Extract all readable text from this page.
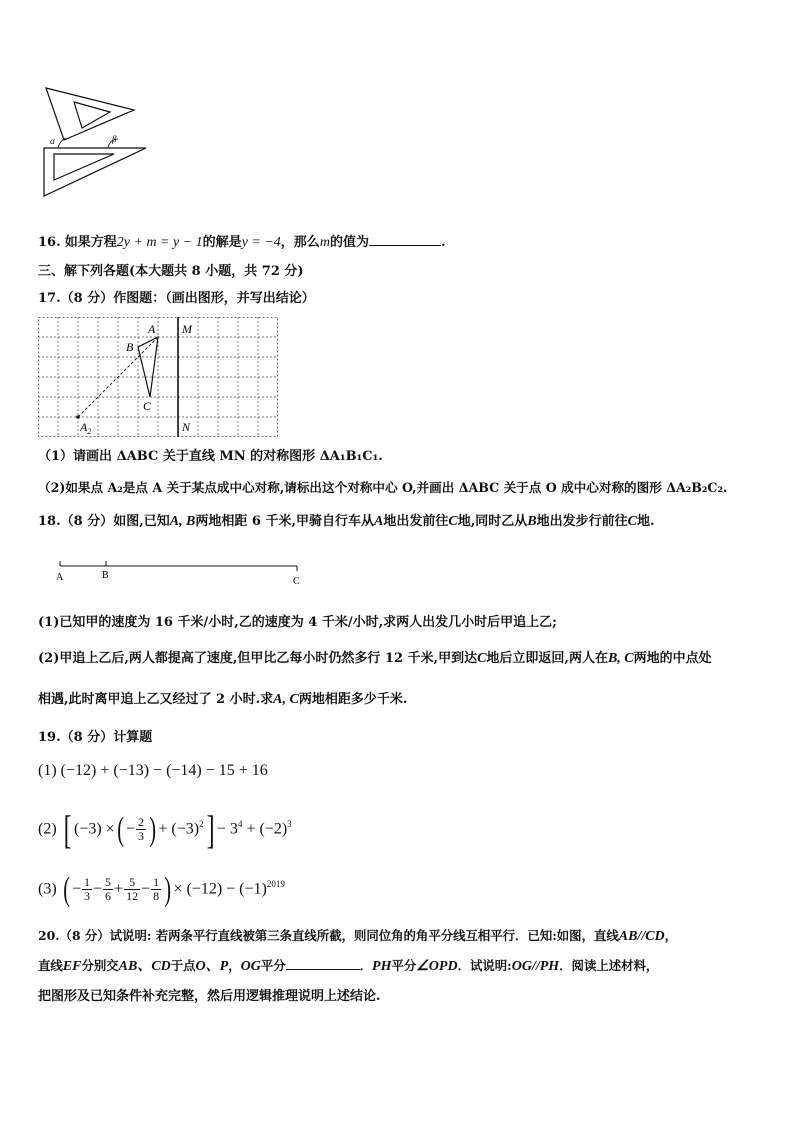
α	β
16. 如果方程2y + m = y − 1的解是y = −4，那么m的值为	.
三、解下列各题(本大题共 8 小题，共 72 分)
17.（8 分）作图题：（画出图形，并写出结论）
A
B
C
M
N
$A_2$
（1）请画出 ΔABC 关于直线 MN 的对称图形 ΔA₁B₁C₁.
（2)如果点 A₂是点 A 关于某点成中心对称,请标出这个对称中心 O,并画出 ΔABC 关于点 O 成中心对称的图形 ΔA₂B₂C₂.
18.（8 分）如图,已知A, B两地相距 6 千米,甲骑自行车从A地出发前往C地,同时乙从B地出发步行前往C地.
A	B
C
(1)已知甲的速度为 16 千米/小时,乙的速度为 4 千米/小时,求两人出发几小时后甲追上乙;
(2)甲追上乙后,两人都提高了速度,但甲比乙每小时仍然多行 12 千米,甲到达C地后立即返回,两人在B, C两地的中点处
相遇,此时离甲追上乙又经过了 2 小时.求A, C两地相距多少千米.
19.（8 分）计算题
(1) (−12) + (−13) − (−14) − 15 + 16
(2) [ (−3) ×( − $\frac{2}{3}$ ) + $(-3)^2] - 3^4 + (-2)^3$
(3) ( − $\frac{1}{3} - \frac{5}{6} + \frac{5}{12} - \frac{1}{8}$ ) × $(-12) - (-1)^{2019}$
20.（8 分）试说明: 若两条平行直线被第三条直线所截，则同位角的角平分线互相平行．已知:如图，直线AB//CD，
直线EF分别交AB、CD于点O、P，OG平分	．PH平分∠OPD．试说明:OG//PH．阅读上述材料，
把图形及已知条件补充完整，然后用逻辑推理说明上述结论.
